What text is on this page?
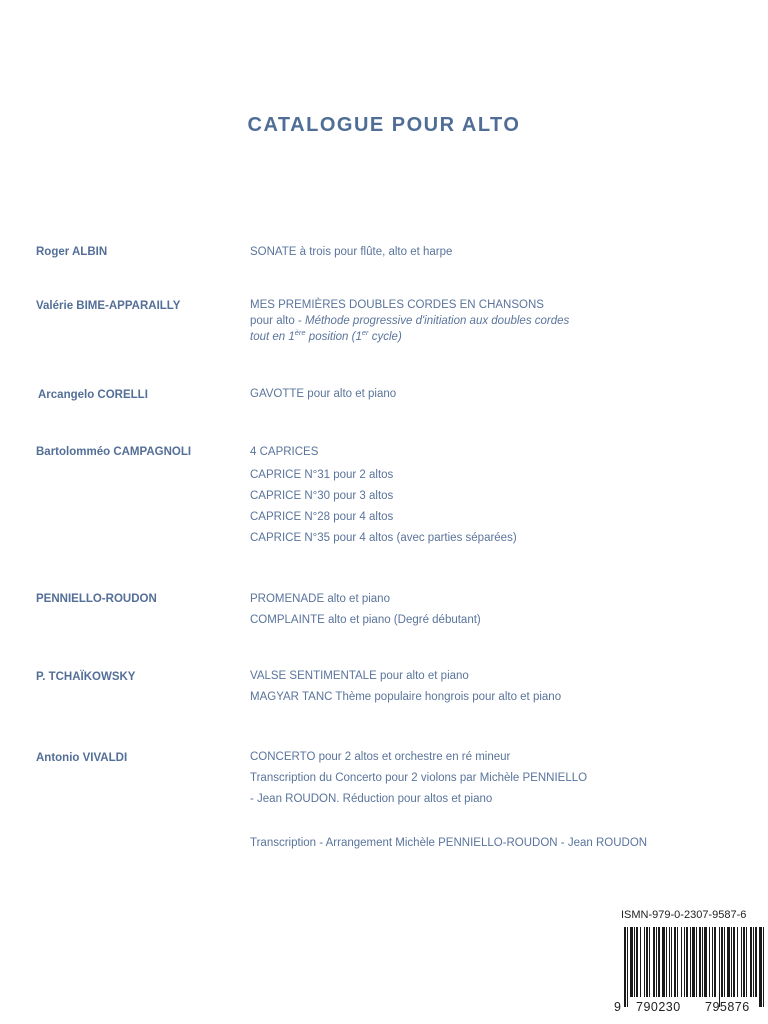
CATALOGUE POUR ALTO
Roger ALBIN	SONATE à trois pour flûte, alto et harpe
Valérie BIME-APPARAILLY	MES PREMIÈRES DOUBLES CORDES EN CHANSONS
pour alto - Méthode progressive d'initiation aux doubles cordes
tout en 1ère position (1er cycle)
Arcangelo CORELLI	GAVOTTE pour alto et piano
Bartolomméo CAMPAGNOLI	4 CAPRICES
CAPRICE N°31 pour 2 altos
CAPRICE N°30 pour 3 altos
CAPRICE N°28 pour 4 altos
CAPRICE N°35 pour 4 altos (avec parties séparées)
PENNIELLO-ROUDON	PROMENADE alto et piano
COMPLAINTE alto et piano (Degré débutant)
P. TCHAÏKOWSKY	VALSE SENTIMENTALE pour alto et piano
MAGYAR TANC Thème populaire hongrois pour alto et piano
Antonio VIVALDI	CONCERTO pour 2 altos et orchestre en ré mineur
Transcription du Concerto pour 2 violons par Michèle PENNIELLO
- Jean ROUDON. Réduction pour altos et piano
Transcription - Arrangement Michèle PENNIELLO-ROUDON - Jean ROUDON
ISMN-979-0-2307-9587-6
9 790230 795876
